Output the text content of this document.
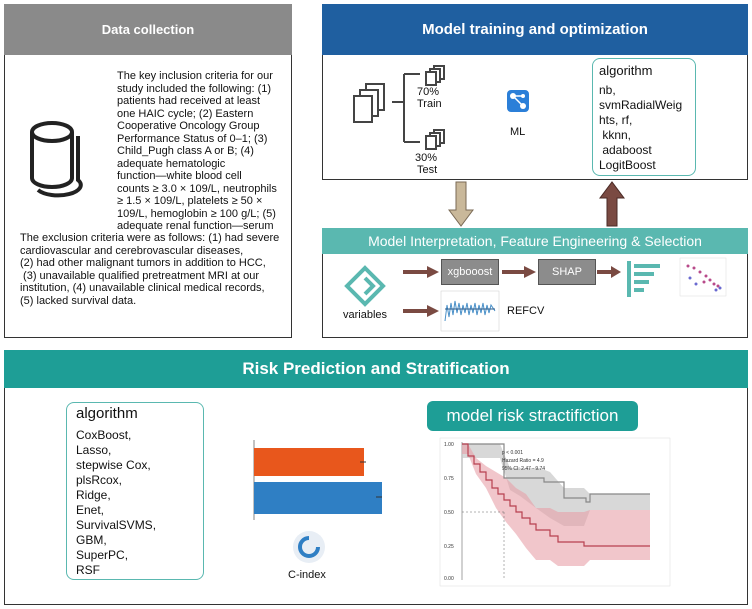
Data collection
The key inclusion criteria for our
study included the following: (1)
patients had received at least
one HAIC cycle; (2) Eastern
Cooperative Oncology Group
Performance Status of 0–1; (3)
Child_Pugh class A or B; (4)
adequate hematologic
function—white blood cell
counts ≥ 3.0 × 109/L, neutrophils
≥ 1.5 × 109/L, platelets ≥ 50 ×
109/L, hemoglobin ≥ 100 g/L; (5)
adequate renal function—serum
The exclusion criteria were as follows: (1) had severe
cardiovascular and cerebrovascular diseases,
(2) had other malignant tumors in addition to HCC,
(3) unavailable qualified pretreatment MRI at our
institution, (4) unavailable clinical medical records,
(5) lacked survival data.
Model training and optimization
70%
Train
30%
Test
ML
algorithm
nb,
svmRadialWeig
hts, rf,
kknn,
adaboost
LogitBoost
Model Interpretation, Feature Engineering & Selection
variables
xgbooost	SHAP
REFCV
Risk Prediction and Stratification
algorithm
CoxBoost,
Lasso,
stepwise Cox,
plsRcox,
Ridge,
Enet,
SurvivalSVMS,
GBM,
SuperPC,
RSF	C-index
model risk stractifiction
1.00
0.75
0.50
0.25
0.00
p < 0.001
Hazard Ratio = 4.9
95% CI: 2.47 - 9.74
